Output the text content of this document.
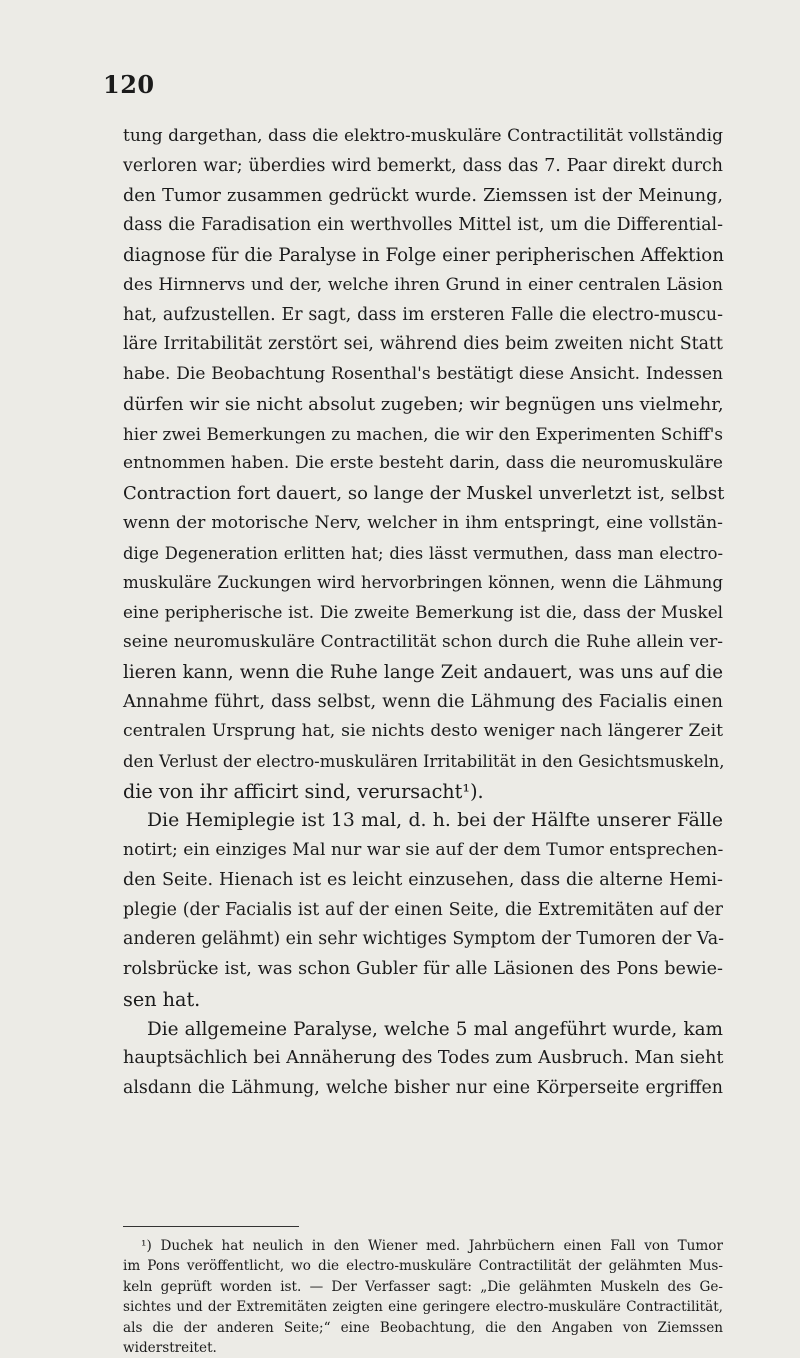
120
tung dargethan, dass die elektro-muskuläre Contractilität vollständig
verloren war; überdies wird bemerkt, dass das 7. Paar direkt durch
den Tumor zusammen gedrückt wurde. Ziemssen ist der Meinung,
dass die Faradisation ein werthvolles Mittel ist, um die Differential-
diagnose für die Paralyse in Folge einer peripherischen Affektion
des Hirnnervs und der, welche ihren Grund in einer centralen Läsion
hat, aufzustellen. Er sagt, dass im ersteren Falle die electro-muscu-
läre Irritabilität zerstört sei, während dies beim zweiten nicht Statt
habe. Die Beobachtung Rosenthal's bestätigt diese Ansicht. Indessen
dürfen wir sie nicht absolut zugeben; wir begnügen uns vielmehr,
hier zwei Bemerkungen zu machen, die wir den Experimenten Schiff's
entnommen haben. Die erste besteht darin, dass die neuromuskuläre
Contraction fort dauert, so lange der Muskel unverletzt ist, selbst
wenn der motorische Nerv, welcher in ihm entspringt, eine vollstän-
dige Degeneration erlitten hat; dies lässt vermuthen, dass man electro-
muskuläre Zuckungen wird hervorbringen können, wenn die Lähmung
eine peripherische ist. Die zweite Bemerkung ist die, dass der Muskel
seine neuromuskuläre Contractilität schon durch die Ruhe allein ver-
lieren kann, wenn die Ruhe lange Zeit andauert, was uns auf die
Annahme führt, dass selbst, wenn die Lähmung des Facialis einen
centralen Ursprung hat, sie nichts desto weniger nach längerer Zeit
den Verlust der electro-muskulären Irritabilität in den Gesichtsmuskeln,
die von ihr afficirt sind, verursacht¹).
Die Hemiplegie ist 13 mal, d. h. bei der Hälfte unserer Fälle
notirt; ein einziges Mal nur war sie auf der dem Tumor entsprechen-
den Seite. Hienach ist es leicht einzusehen, dass die alterne Hemi-
plegie (der Facialis ist auf der einen Seite, die Extremitäten auf der
anderen gelähmt) ein sehr wichtiges Symptom der Tumoren der Va-
rolsbrücke ist, was schon Gubler für alle Läsionen des Pons bewie-
sen hat.
Die allgemeine Paralyse, welche 5 mal angeführt wurde, kam
hauptsächlich bei Annäherung des Todes zum Ausbruch. Man sieht
alsdann die Lähmung, welche bisher nur eine Körperseite ergriffen
¹) Duchek hat neulich in den Wiener med. Jahrbüchern einen Fall von Tumor
im Pons veröffentlicht, wo die electro-muskuläre Contractilität der gelähmten Mus-
keln geprüft worden ist. — Der Verfasser sagt: „Die gelähmten Muskeln des Ge-
sichtes und der Extremitäten zeigten eine geringere electro-muskuläre Contractilität,
als die der anderen Seite;“ eine Beobachtung, die den Angaben von Ziemssen
widerstreitet.
